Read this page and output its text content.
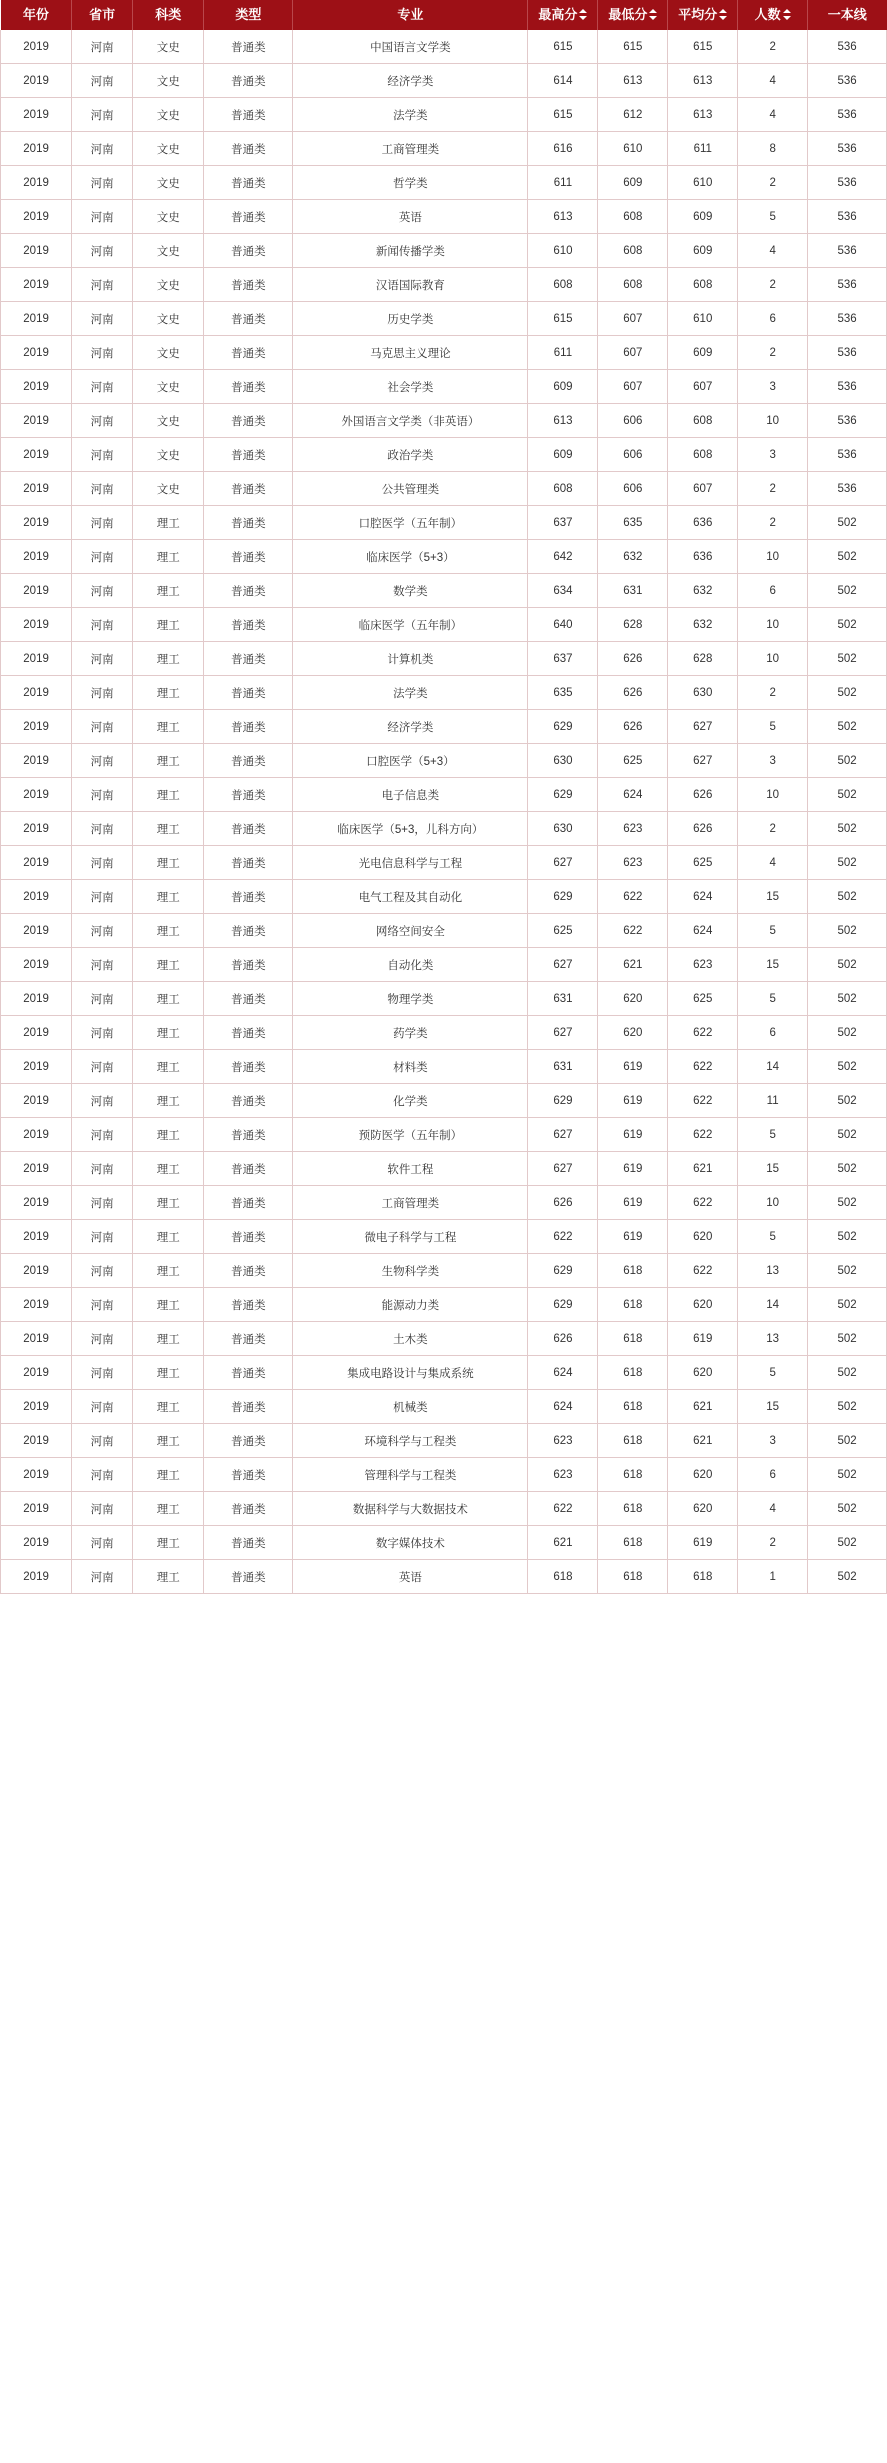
年份	省市	科类	类型	专业	最高分	最低分	平均分	人数	一本线

2019	河南	文史	普通类	中国语言文学类	615	615	615	2	536
2019	河南	文史	普通类	经济学类	614	613	613	4	536
2019	河南	文史	普通类	法学类	615	612	613	4	536
2019	河南	文史	普通类	工商管理类	616	610	611	8	536
2019	河南	文史	普通类	哲学类	611	609	610	2	536
2019	河南	文史	普通类	英语	613	608	609	5	536
2019	河南	文史	普通类	新闻传播学类	610	608	609	4	536
2019	河南	文史	普通类	汉语国际教育	608	608	608	2	536
2019	河南	文史	普通类	历史学类	615	607	610	6	536
2019	河南	文史	普通类	马克思主义理论	611	607	609	2	536
2019	河南	文史	普通类	社会学类	609	607	607	3	536
2019	河南	文史	普通类	外国语言文学类（非英语）	613	606	608	10	536
2019	河南	文史	普通类	政治学类	609	606	608	3	536
2019	河南	文史	普通类	公共管理类	608	606	607	2	536
2019	河南	理工	普通类	口腔医学（五年制）	637	635	636	2	502
2019	河南	理工	普通类	临床医学（5+3）	642	632	636	10	502
2019	河南	理工	普通类	数学类	634	631	632	6	502
2019	河南	理工	普通类	临床医学（五年制）	640	628	632	10	502
2019	河南	理工	普通类	计算机类	637	626	628	10	502
2019	河南	理工	普通类	法学类	635	626	630	2	502
2019	河南	理工	普通类	经济学类	629	626	627	5	502
2019	河南	理工	普通类	口腔医学（5+3）	630	625	627	3	502
2019	河南	理工	普通类	电子信息类	629	624	626	10	502
2019	河南	理工	普通类	临床医学（5+3，儿科方向）	630	623	626	2	502
2019	河南	理工	普通类	光电信息科学与工程	627	623	625	4	502
2019	河南	理工	普通类	电气工程及其自动化	629	622	624	15	502
2019	河南	理工	普通类	网络空间安全	625	622	624	5	502
2019	河南	理工	普通类	自动化类	627	621	623	15	502
2019	河南	理工	普通类	物理学类	631	620	625	5	502
2019	河南	理工	普通类	药学类	627	620	622	6	502
2019	河南	理工	普通类	材料类	631	619	622	14	502
2019	河南	理工	普通类	化学类	629	619	622	11	502
2019	河南	理工	普通类	预防医学（五年制）	627	619	622	5	502
2019	河南	理工	普通类	软件工程	627	619	621	15	502
2019	河南	理工	普通类	工商管理类	626	619	622	10	502
2019	河南	理工	普通类	微电子科学与工程	622	619	620	5	502
2019	河南	理工	普通类	生物科学类	629	618	622	13	502
2019	河南	理工	普通类	能源动力类	629	618	620	14	502
2019	河南	理工	普通类	土木类	626	618	619	13	502
2019	河南	理工	普通类	集成电路设计与集成系统	624	618	620	5	502
2019	河南	理工	普通类	机械类	624	618	621	15	502
2019	河南	理工	普通类	环境科学与工程类	623	618	621	3	502
2019	河南	理工	普通类	管理科学与工程类	623	618	620	6	502
2019	河南	理工	普通类	数据科学与大数据技术	622	618	620	4	502
2019	河南	理工	普通类	数字媒体技术	621	618	619	2	502
2019	河南	理工	普通类	英语	618	618	618	1	502
